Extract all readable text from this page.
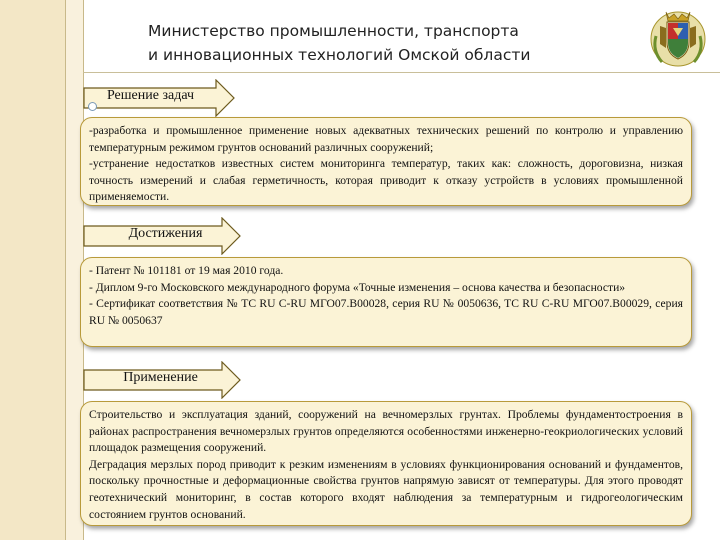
Министерство промышленности, транспорта
и инновационных технологий Омской области
Решение задач

-разработка и промышленное применение новых адекватных технических решений по контролю и управлению температурным режимом грунтов оснований различных сооружений;

-устранение недостатков известных систем мониторинга температур, таких как: сложность, дороговизна, низкая точность измерений и слабая герметичность, которая приводит к отказу устройств в условиях промышленной применяемости.

Достижения

- Патент № 101181 от 19 мая 2010 года.

- Диплом 9-го Московского международного форума «Точные изменения – основа качества и безопасности»

- Сертификат соответствия № TC RU C-RU МГО07.В00028, серия RU № 0050636, TC RU C-RU МГО07.В00029, серия RU № 0050637

Применение

Строительство и эксплуатация зданий, сооружений на вечномерзлых грунтах. Проблемы фундаментостроения в районах распространения вечномерзлых грунтов определяются особенностями инженерно-геокриологических условий площадок размещения сооружений.

Деградация мерзлых пород приводит к резким изменениям в условиях функционирования оснований и фундаментов, поскольку прочностные и деформационные свойства грунтов напрямую зависят от температуры. Для этого проводят геотехнический мониторинг, в состав которого входят наблюдения за температурным и гидрогеологическим состоянием грунтов оснований.
